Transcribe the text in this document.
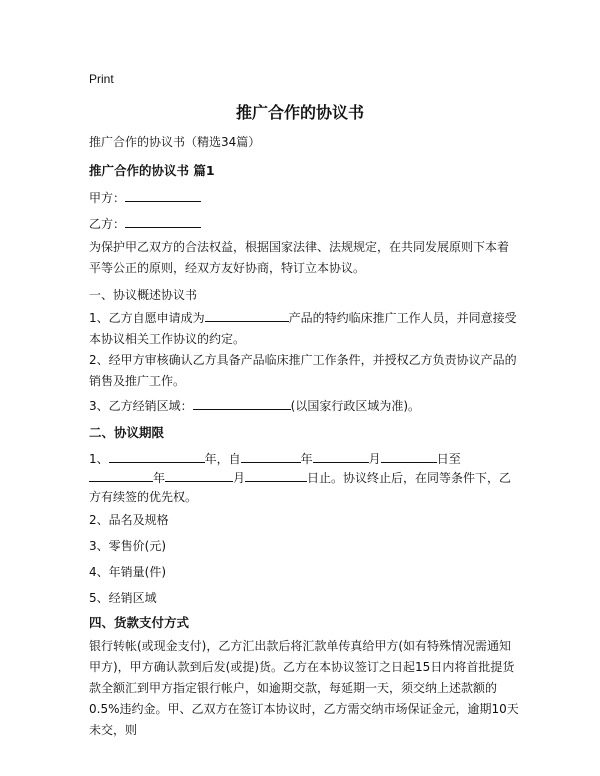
Print
推广合作的协议书
推广合作的协议书（精选34篇）
推广合作的协议书 篇1
甲方：
乙方：
为保护甲乙双方的合法权益，根据国家法律、法规规定，在共同发展原则下本着平等公正的原则，经双方友好协商，特订立本协议。
一、协议概述协议书
1、乙方自愿申请成为	产品的特约临床推广工作人员，并同意接受本协议相关工作协议的约定。
2、经甲方审核确认乙方具备产品临床推广工作条件，并授权乙方负责协议产品的销售及推广工作。
3、乙方经销区域：	(以国家行政区域为准)。
二、协议期限
1、	年，自	年	月	日至
年	月	日止。协议终止后，在同等条件下，乙
方有续签的优先权。
2、品名及规格
3、零售价(元)
4、年销量(件)
5、经销区域
四、货款支付方式
银行转帐(或现金支付)，乙方汇出款后将汇款单传真给甲方(如有特殊情况需通知甲方)，甲方确认款到后发(或提)货。乙方在本协议签订之日起15日内将首批提货款全额汇到甲方指定银行帐户，如逾期交款，每延期一天，须交纳上述款额的0.5%违约金。甲、乙双方在签订本协议时，乙方需交纳市场保证金元，逾期10天未交，则
